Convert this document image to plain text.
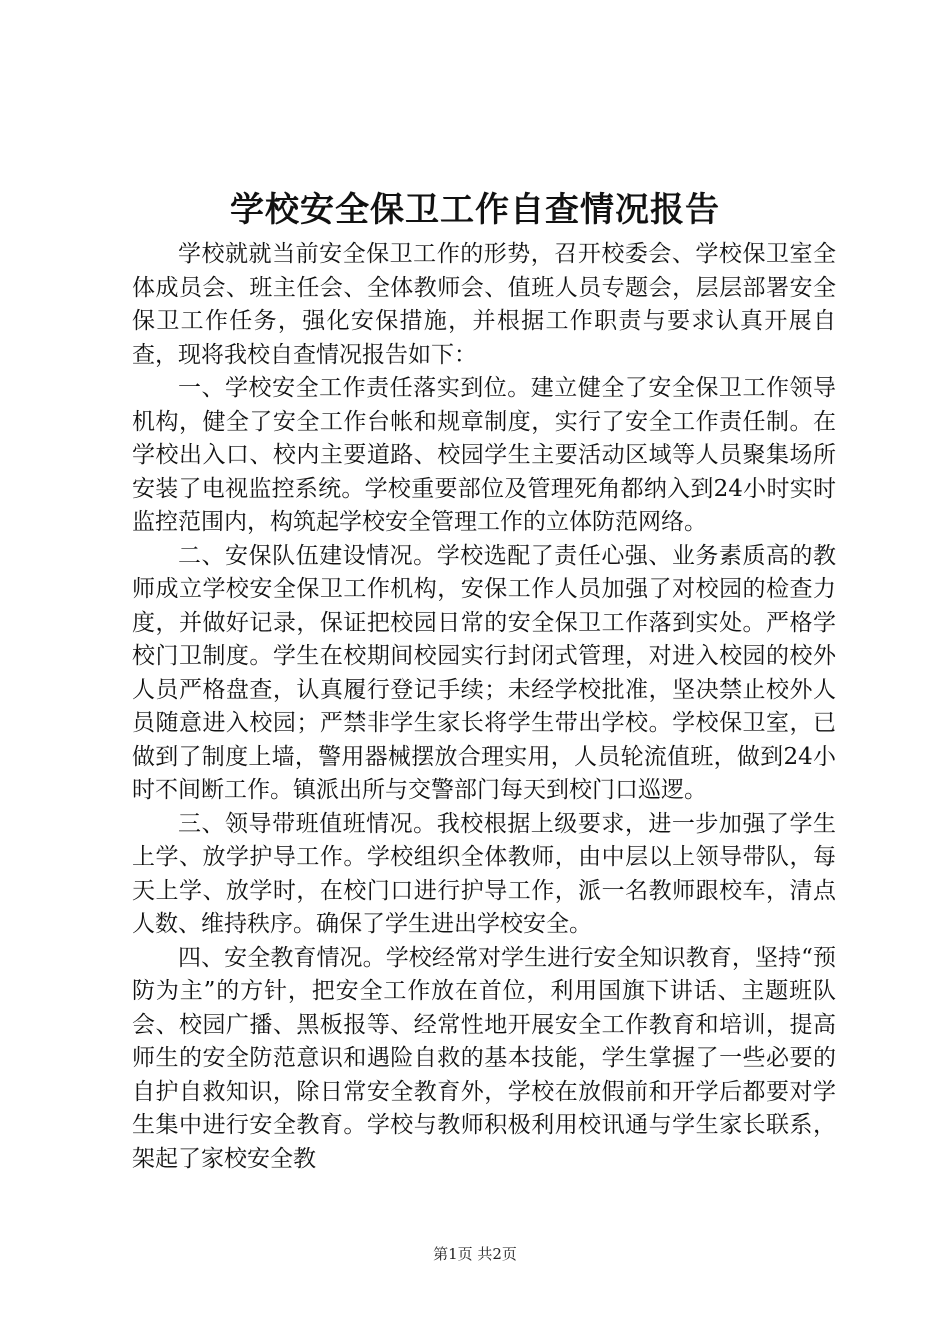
学校安全保卫工作自查情况报告

学校就就当前安全保卫工作的形势，召开校委会、学校保卫室全体成员会、班主任会、全体教师会、值班人员专题会，层层部署安全保卫工作任务，强化安保措施，并根据工作职责与要求认真开展自查，现将我校自查情况报告如下：

一、学校安全工作责任落实到位。建立健全了安全保卫工作领导机构，健全了安全工作台帐和规章制度，实行了安全工作责任制。在学校出入口、校内主要道路、校园学生主要活动区域等人员聚集场所安装了电视监控系统。学校重要部位及管理死角都纳入到24小时实时监控范围内，构筑起学校安全管理工作的立体防范网络。

二、安保队伍建设情况。学校选配了责任心强、业务素质高的教师成立学校安全保卫工作机构，安保工作人员加强了对校园的检查力度，并做好记录，保证把校园日常的安全保卫工作落到实处。严格学校门卫制度。学生在校期间校园实行封闭式管理，对进入校园的校外人员严格盘查，认真履行登记手续；未经学校批准，坚决禁止校外人员随意进入校园；严禁非学生家长将学生带出学校。学校保卫室，已做到了制度上墙，警用器械摆放合理实用，人员轮流值班，做到24小时不间断工作。镇派出所与交警部门每天到校门口巡逻。

三、领导带班值班情况。我校根据上级要求，进一步加强了学生上学、放学护导工作。学校组织全体教师，由中层以上领导带队，每天上学、放学时，在校门口进行护导工作，派一名教师跟校车，清点人数、维持秩序。确保了学生进出学校安全。

四、安全教育情况。学校经常对学生进行安全知识教育，坚持“预防为主”的方针，把安全工作放在首位，利用国旗下讲话、主题班队会、校园广播、黑板报等、经常性地开展安全工作教育和培训，提高师生的安全防范意识和遇险自救的基本技能，学生掌握了一些必要的自护自救知识，除日常安全教育外，学校在放假前和开学后都要对学生集中进行安全教育。学校与教师积极利用校讯通与学生家长联系，架起了家校安全教

第1页 共2页
